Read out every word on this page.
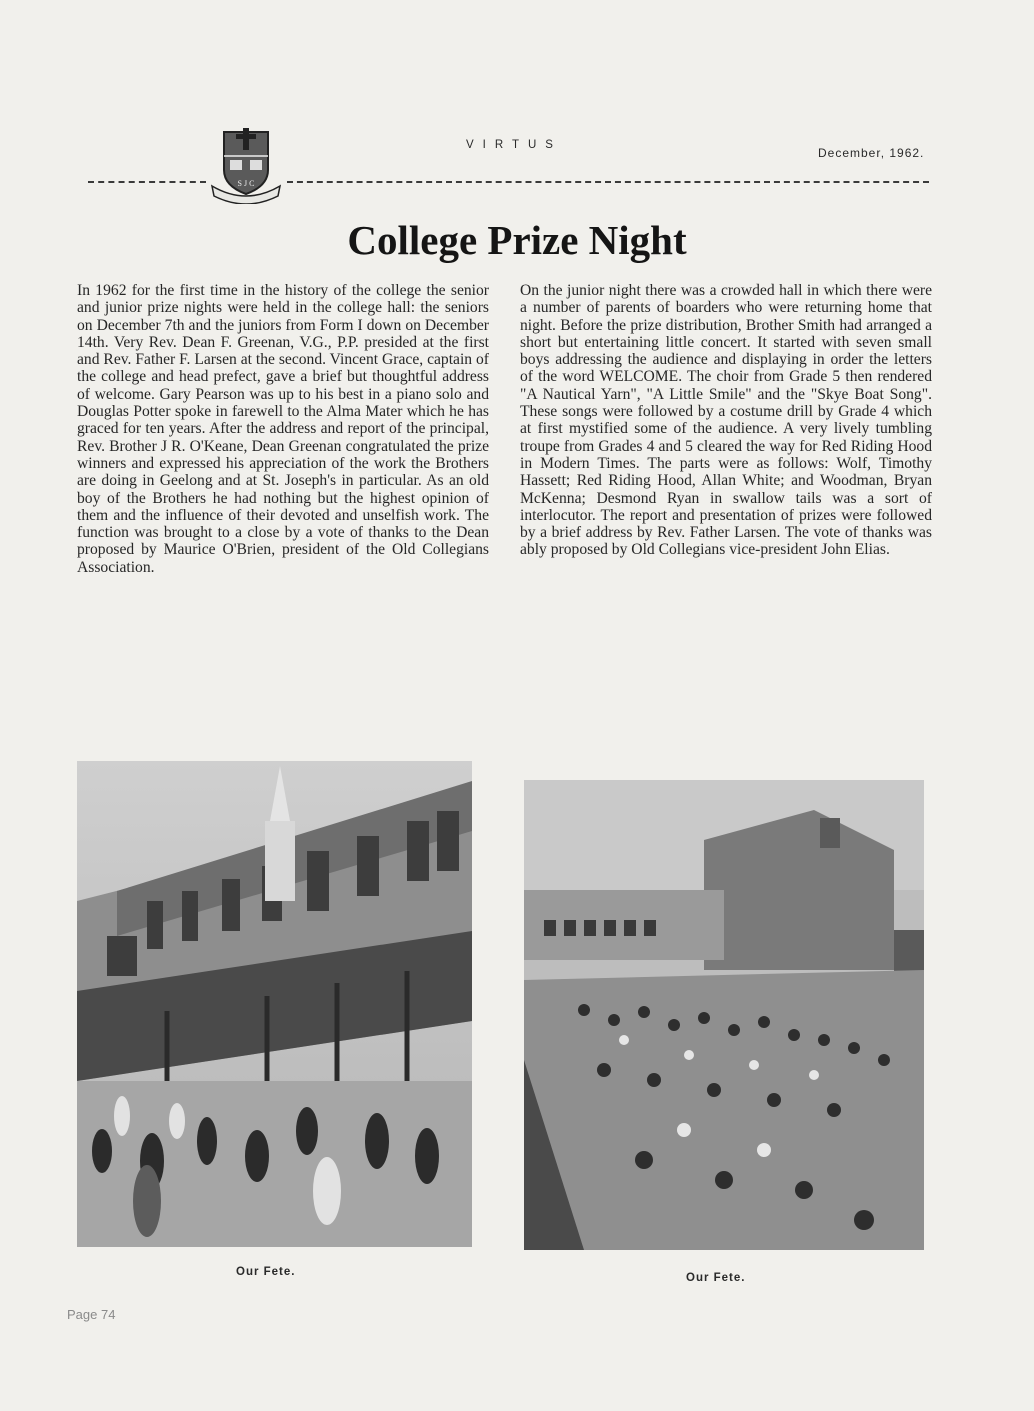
S J C
VIRTUS
December, 1962.
College Prize Night

In 1962 for the first time in the history of the college the senior and junior prize nights were held in the college hall: the seniors on December 7th and the juniors from Form I down on December 14th. Very Rev. Dean F. Greenan, V.G., P.P. presided at the first and Rev. Father F. Larsen at the second. Vincent Grace, captain of the college and head prefect, gave a brief but thoughtful address of welcome. Gary Pearson was up to his best in a piano solo and Douglas Potter spoke in farewell to the Alma Mater which he has graced for ten years. After the address and report of the principal, Rev. Brother J R. O'Keane, Dean Greenan congratulated the prize winners and expressed his appreciation of the work the Brothers are doing in Geelong and at St. Joseph's in particular. As an old boy of the Brothers he had nothing but the highest opinion of them and the influence of their devoted and unselfish work. The function was brought to a close by a vote of thanks to the Dean proposed by Maurice O'Brien, president of the Old Collegians Association.

On the junior night there was a crowded hall in which there were a number of parents of boarders who were returning home that night. Before the prize distribution, Brother Smith had arranged a short but entertaining little concert. It started with seven small boys addressing the audience and displaying in order the letters of the word WELCOME. The choir from Grade 5 then rendered "A Nautical Yarn", "A Little Smile" and the "Skye Boat Song". These songs were followed by a costume drill by Grade 4 which at first mystified some of the audience. A very lively tumbling troupe from Grades 4 and 5 cleared the way for Red Riding Hood in Modern Times. The parts were as follows: Wolf, Timothy Hassett; Red Riding Hood, Allan White; and Woodman, Bryan McKenna; Desmond Ryan in swallow tails was a sort of interlocutor. The report and presentation of prizes were followed by a brief address by Rev. Father Larsen. The vote of thanks was ably proposed by Old Collegians vice-president John Elias.

Our Fete.	Our Fete.
Page 74
